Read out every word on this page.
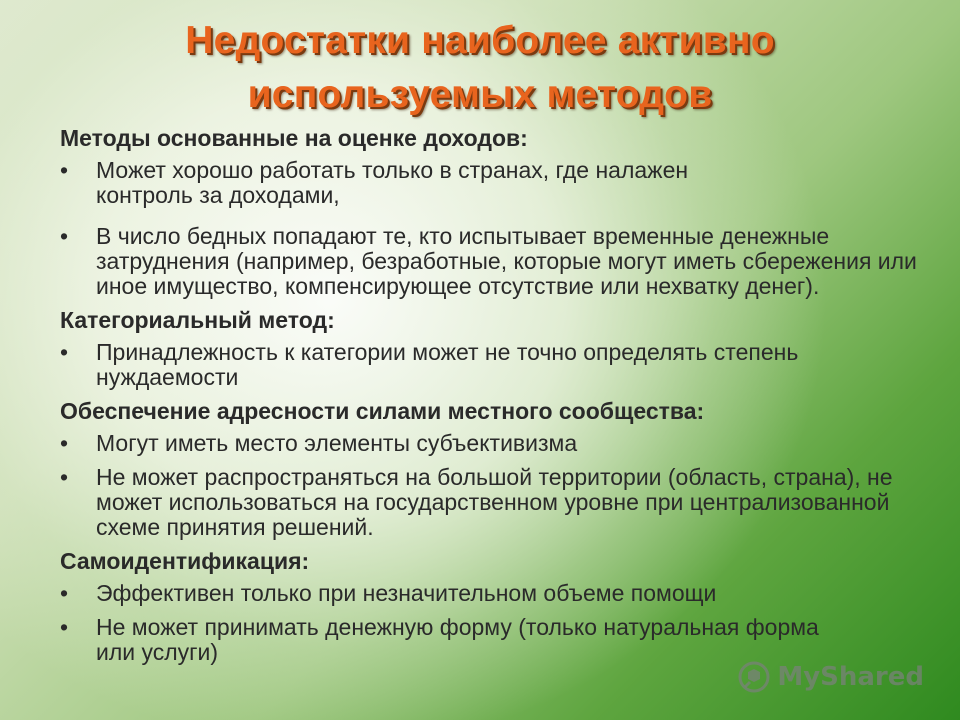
Недостатки наиболее активно
используемых методов
Методы основанные на оценке доходов:
• Может хорошо работать только в странах, где налажен контроль за доходами,
• В число бедных попадают те, кто испытывает временные денежные затруднения (например, безработные, которые могут иметь сбережения или иное имущество, компенсирующее отсутствие или нехватку денег).
Категориальный метод:
• Принадлежность к категории может не точно определять степень нуждаемости
Обеспечение адресности силами местного сообщества:
• Могут иметь место элементы субъективизма
• Не может распространяться на большой территории (область, страна), не может использоваться на государственном уровне при централизованной схеме принятия решений.
Самоидентификация:
• Эффективен только при незначительном объеме помощи
• Не может принимать денежную форму (только натуральная форма или услуги)
MyShared
